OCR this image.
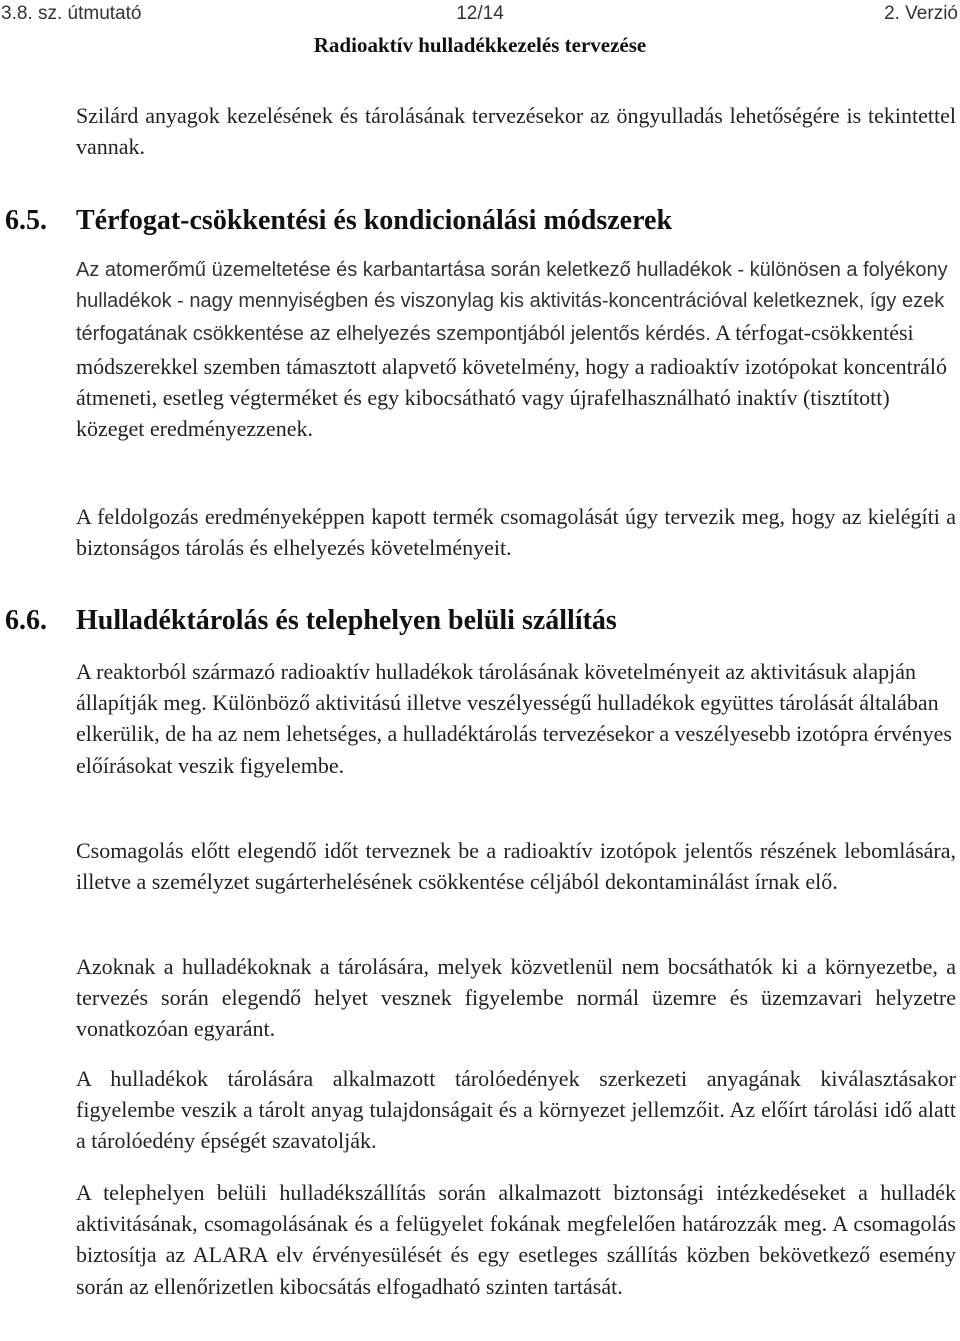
3.8. sz. útmutató	12/14	2. Verzió
Radioaktív hulladékkezelés tervezése

Szilárd anyagok kezelésének és tárolásának tervezésekor az öngyulladás lehetőségére is tekintettel vannak.

6.5. Térfogat-csökkentési és kondicionálási módszerek

Az atomerőmű üzemeltetése és karbantartása során keletkező hulladékok - különösen a folyékony hulladékok - nagy mennyiségben és viszonylag kis aktivitás-koncentrációval keletkeznek, így ezek térfogatának csökkentése az elhelyezés szempontjából jelentős kérdés. A térfogat-csökkentési módszerekkel szemben támasztott alapvető követelmény, hogy a radioaktív izotópokat koncentráló átmeneti, esetleg végterméket és egy kibocsátható vagy újrafelhasználható inaktív (tisztított) közeget eredményezzenek.

A feldolgozás eredményeképpen kapott termék csomagolását úgy tervezik meg, hogy az kielégíti a biztonságos tárolás és elhelyezés követelményeit.

6.6. Hulladéktárolás és telephelyen belüli szállítás

A reaktorból származó radioaktív hulladékok tárolásának követelményeit az aktivitásuk alapján állapítják meg. Különböző aktivitású illetve veszélyességű hulladékok együttes tárolását általában elkerülik, de ha az nem lehetséges, a hulladéktárolás tervezésekor a veszélyesebb izotópra érvényes előírásokat veszik figyelembe.

Csomagolás előtt elegendő időt terveznek be a radioaktív izotópok jelentős részének lebomlására, illetve a személyzet sugárterhelésének csökkentése céljából dekontaminálást írnak elő.

Azoknak a hulladékoknak a tárolására, melyek közvetlenül nem bocsáthatók ki a környezetbe, a tervezés során elegendő helyet vesznek figyelembe normál üzemre és üzemzavari helyzetre vonatkozóan egyaránt.

A hulladékok tárolására alkalmazott tárolóedények szerkezeti anyagának kiválasztásakor figyelembe veszik a tárolt anyag tulajdonságait és a környezet jellemzőit. Az előírt tárolási idő alatt a tárolóedény épségét szavatolják.

A telephelyen belüli hulladékszállítás során alkalmazott biztonsági intézkedéseket a hulladék aktivitásának, csomagolásának és a felügyelet fokának megfelelően határozzák meg. A csomagolás biztosítja az ALARA elv érvényesülését és egy esetleges szállítás közben bekövetkező esemény során az ellenőrizetlen kibocsátás elfogadható szinten tartását.
